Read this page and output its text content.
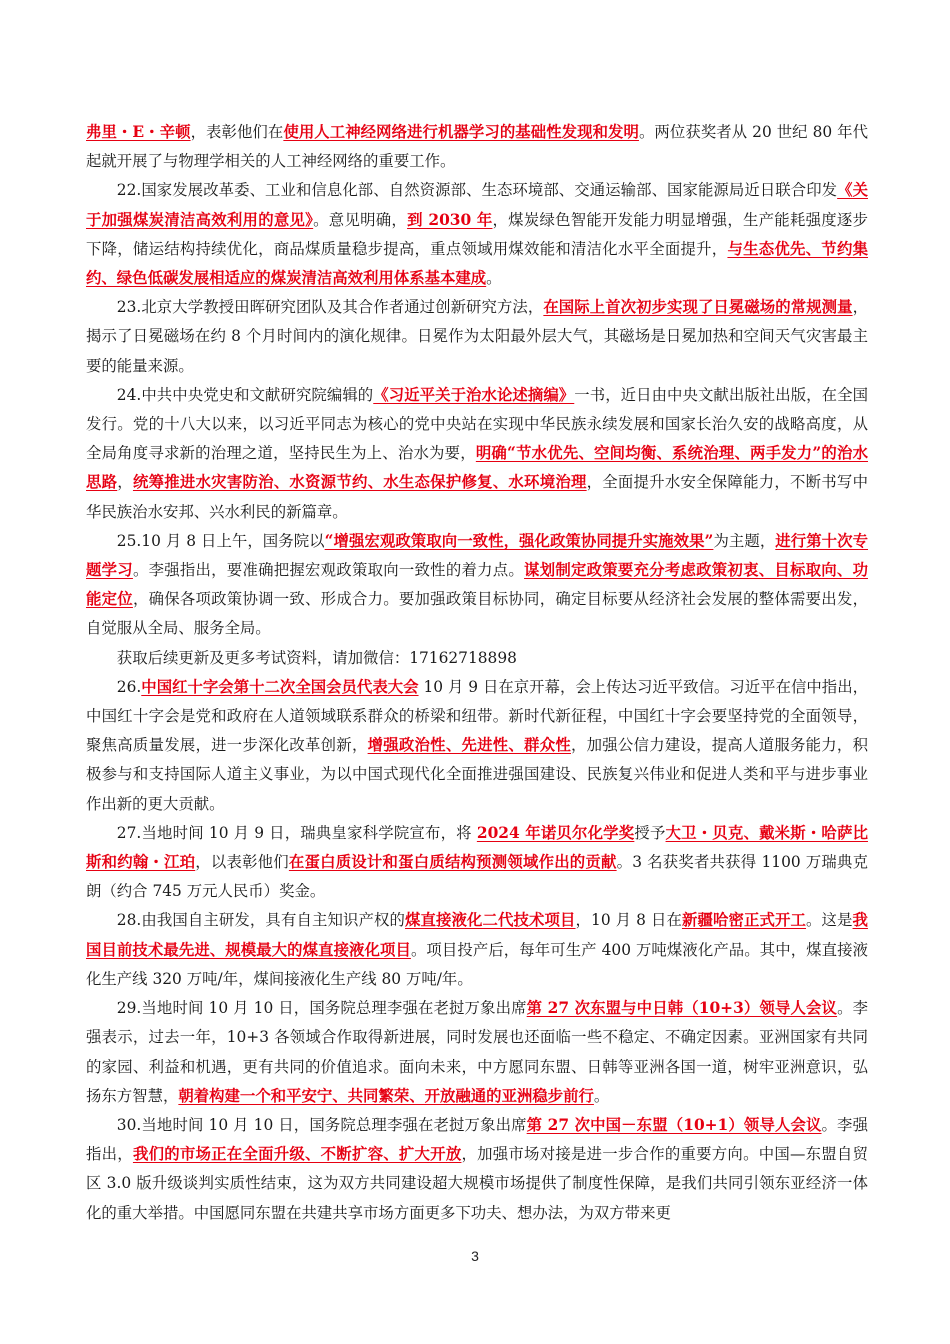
弗里・E・辛顿，表彰他们在使用人工神经网络进行机器学习的基础性发现和发明。两位获奖者从 20 世纪 80 年代起就开展了与物理学相关的人工神经网络的重要工作。

22.国家发展改革委、工业和信息化部、自然资源部、生态环境部、交通运输部、国家能源局近日联合印发《关于加强煤炭清洁高效利用的意见》。意见明确，到 2030 年，煤炭绿色智能开发能力明显增强，生产能耗强度逐步下降，储运结构持续优化，商品煤质量稳步提高，重点领域用煤效能和清洁化水平全面提升，与生态优先、节约集约、绿色低碳发展相适应的煤炭清洁高效利用体系基本建成。

23.北京大学教授田晖研究团队及其合作者通过创新研究方法，在国际上首次初步实现了日冕磁场的常规测量，揭示了日冕磁场在约 8 个月时间内的演化规律。日冕作为太阳最外层大气，其磁场是日冕加热和空间天气灾害最主要的能量来源。

24.中共中央党史和文献研究院编辑的《习近平关于治水论述摘编》一书，近日由中央文献出版社出版，在全国发行。党的十八大以来，以习近平同志为核心的党中央站在实现中华民族永续发展和国家长治久安的战略高度，从全局角度寻求新的治理之道，坚持民生为上、治水为要，明确“节水优先、空间均衡、系统治理、两手发力”的治水思路，统筹推进水灾害防治、水资源节约、水生态保护修复、水环境治理，全面提升水安全保障能力，不断书写中华民族治水安邦、兴水利民的新篇章。

25.10 月 8 日上午，国务院以“增强宏观政策取向一致性，强化政策协同提升实施效果”为主题，进行第十次专题学习。李强指出，要准确把握宏观政策取向一致性的着力点。谋划制定政策要充分考虑政策初衷、目标取向、功能定位，确保各项政策协调一致、形成合力。要加强政策目标协同，确定目标要从经济社会发展的整体需要出发，自觉服从全局、服务全局。

获取后续更新及更多考试资料，请加微信：17162718898

26.中国红十字会第十二次全国会员代表大会 10 月 9 日在京开幕，会上传达习近平致信。习近平在信中指出，中国红十字会是党和政府在人道领域联系群众的桥梁和纽带。新时代新征程，中国红十字会要坚持党的全面领导，聚焦高质量发展，进一步深化改革创新，增强政治性、先进性、群众性，加强公信力建设，提高人道服务能力，积极参与和支持国际人道主义事业，为以中国式现代化全面推进强国建设、民族复兴伟业和促进人类和平与进步事业作出新的更大贡献。

27.当地时间 10 月 9 日，瑞典皇家科学院宣布，将 2024 年诺贝尔化学奖授予大卫・贝克、戴米斯・哈萨比斯和约翰・江珀，以表彰他们在蛋白质设计和蛋白质结构预测领域作出的贡献。3 名获奖者共获得 1100 万瑞典克朗（约合 745 万元人民币）奖金。

28.由我国自主研发，具有自主知识产权的煤直接液化二代技术项目，10 月 8 日在新疆哈密正式开工。这是我国目前技术最先进、规模最大的煤直接液化项目。项目投产后，每年可生产 400 万吨煤液化产品。其中，煤直接液化生产线 320 万吨/年，煤间接液化生产线 80 万吨/年。

29.当地时间 10 月 10 日，国务院总理李强在老挝万象出席第 27 次东盟与中日韩（10+3）领导人会议。李强表示，过去一年，10+3 各领域合作取得新进展，同时发展也还面临一些不稳定、不确定因素。亚洲国家有共同的家园、利益和机遇，更有共同的价值追求。面向未来，中方愿同东盟、日韩等亚洲各国一道，树牢亚洲意识，弘扬东方智慧，朝着构建一个和平安宁、共同繁荣、开放融通的亚洲稳步前行。

30.当地时间 10 月 10 日，国务院总理李强在老挝万象出席第 27 次中国－东盟（10+1）领导人会议。李强指出，我们的市场正在全面升级、不断扩容、扩大开放，加强市场对接是进一步合作的重要方向。中国—东盟自贸区 3.0 版升级谈判实质性结束，这为双方共同建设超大规模市场提供了制度性保障，是我们共同引领东亚经济一体化的重大举措。中国愿同东盟在共建共享市场方面更多下功夫、想办法，为双方带来更

3
